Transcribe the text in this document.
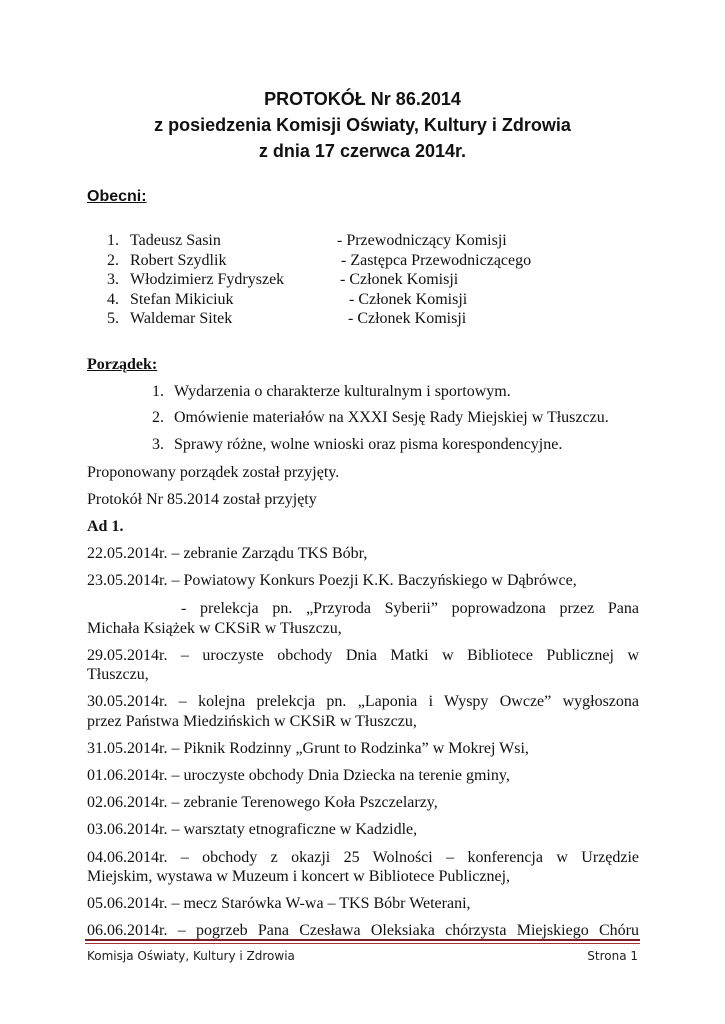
PROTOKÓŁ Nr 86.2014
z posiedzenia Komisji Oświaty, Kultury i Zdrowia
z dnia 17 czerwca 2014r.
Obecni:
1. Tadeusz Sasin	- Przewodniczący Komisji
2. Robert Szydlik	- Zastępca Przewodniczącego
3. Włodzimierz Fydryszek	- Członek Komisji
4. Stefan Mikiciuk	- Członek Komisji
5. Waldemar Sitek	- Członek Komisji
Porządek:
1. Wydarzenia o charakterze kulturalnym i sportowym.
2. Omówienie materiałów na XXXI Sesję Rady Miejskiej w Tłuszczu.
3. Sprawy różne, wolne wnioski oraz pisma korespondencyjne.
Proponowany porządek został przyjęty.
Protokół Nr 85.2014 został przyjęty
Ad 1.
22.05.2014r. – zebranie Zarządu TKS Bóbr,
23.05.2014r. – Powiatowy Konkurs Poezji K.K. Baczyńskiego w Dąbrówce,
- prelekcja pn. „Przyroda Syberii” poprowadzona przez Pana
Michała Książek w CKSiR w Tłuszczu,
29.05.2014r. – uroczyste obchody Dnia Matki w Bibliotece Publicznej w
Tłuszczu,
30.05.2014r. – kolejna prelekcja pn. „Laponia i Wyspy Owcze” wygłoszona
przez Państwa Miedzińskich w CKSiR w Tłuszczu,
31.05.2014r. – Piknik Rodzinny „Grunt to Rodzinka” w Mokrej Wsi,
01.06.2014r. – uroczyste obchody Dnia Dziecka na terenie gminy,
02.06.2014r. – zebranie Terenowego Koła Pszczelarzy,
03.06.2014r. – warsztaty etnograficzne w Kadzidle,
04.06.2014r. – obchody z okazji 25 Wolności – konferencja w Urzędzie
Miejskim, wystawa w Muzeum i koncert w Bibliotece Publicznej,
05.06.2014r. – mecz Starówka W-wa – TKS Bóbr Weterani,
06.06.2014r. – pogrzeb Pana Czesława Oleksiaka chórzysta Miejskiego Chóru
Komisja Oświaty, Kultury i Zdrowia	Strona 1
